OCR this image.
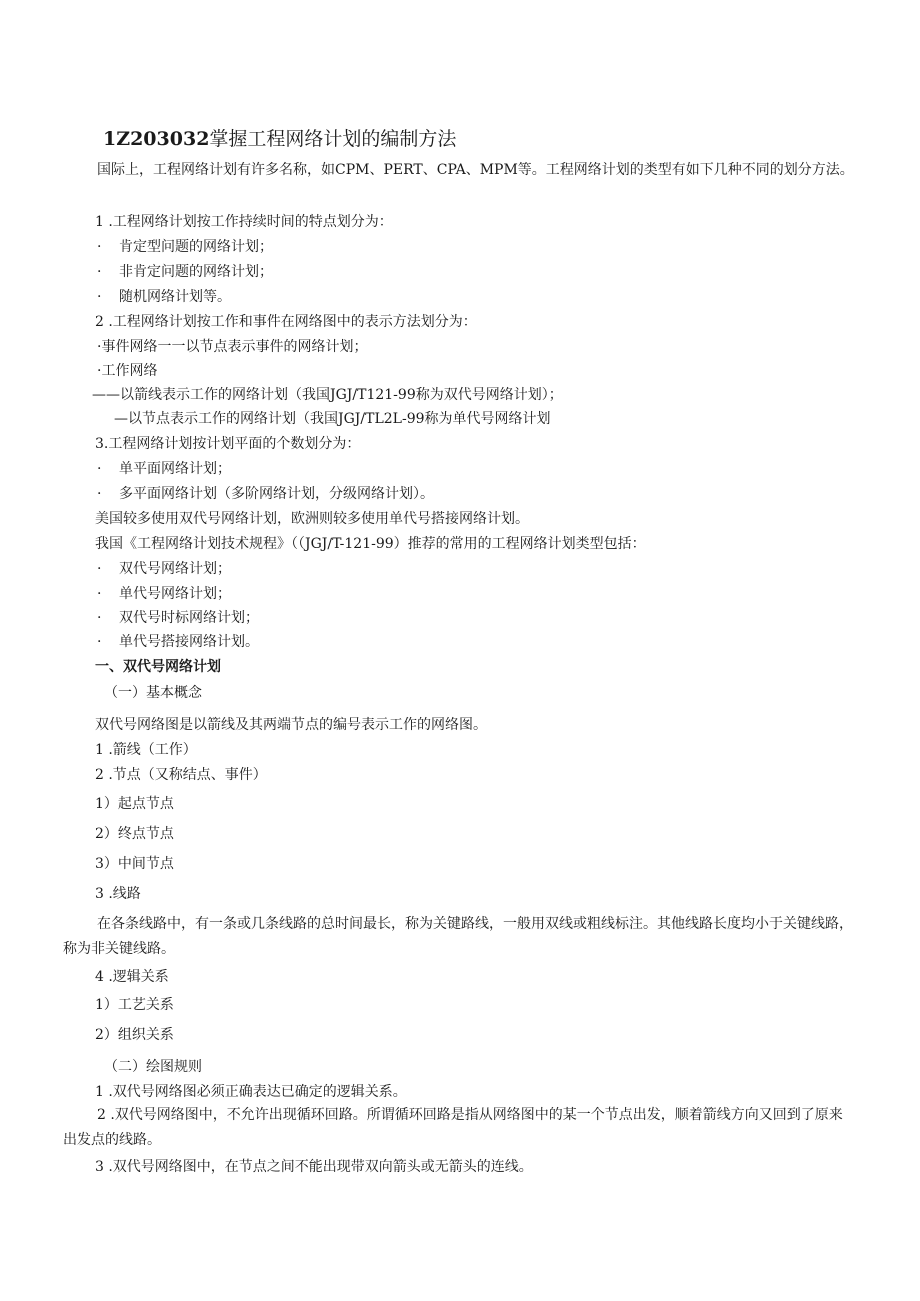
1Z203032掌握工程网络计划的编制方法
国际上，工程网络计划有许多名称，如CPM、PERT、CPA、MPM等。工程网络计划的类型有如下几种不同的划分方法。
1 .工程网络计划按工作持续时间的特点划分为：
· 肯定型问题的网络计划；
· 非肯定问题的网络计划；
· 随机网络计划等。
2 .工程网络计划按工作和事件在网络图中的表示方法划分为：
·事件网络一一以节点表示事件的网络计划；
·工作网络
——以箭线表示工作的网络计划（我国JGJ/T121-99称为双代号网络计划）；
—以节点表示工作的网络计划（我国JGJ/TL2L-99称为单代号网络计划
3.工程网络计划按计划平面的个数划分为：
· 单平面网络计划；
· 多平面网络计划（多阶网络计划，分级网络计划）。
美国较多使用双代号网络计划，欧洲则较多使用单代号搭接网络计划。
我国《工程网络计划技术规程》（（JGJ∕T-121-99）推荐的常用的工程网络计划类型包括：
· 双代号网络计划；
· 单代号网络计划；
· 双代号时标网络计划；
· 单代号搭接网络计划。
一、双代号网络计划
（一）基本概念
双代号网络图是以箭线及其两端节点的编号表示工作的网络图。
1 .箭线（工作）
2 .节点（又称结点、事件）
1）起点节点
2）终点节点
3）中间节点
3 .线路
在各条线路中，有一条或几条线路的总时间最长，称为关键路线，一般用双线或粗线标注。其他线路长度均小于关键线路，称为非关键线路。
4 .逻辑关系
1）工艺关系
2）组织关系
（二）绘图规则
1 .双代号网络图必须正确表达已确定的逻辑关系。
2 .双代号网络图中，不允许出现循环回路。所谓循环回路是指从网络图中的某一个节点出发，顺着箭线方向又回到了原来出发点的线路。
3 .双代号网络图中，在节点之间不能出现带双向箭头或无箭头的连线。
